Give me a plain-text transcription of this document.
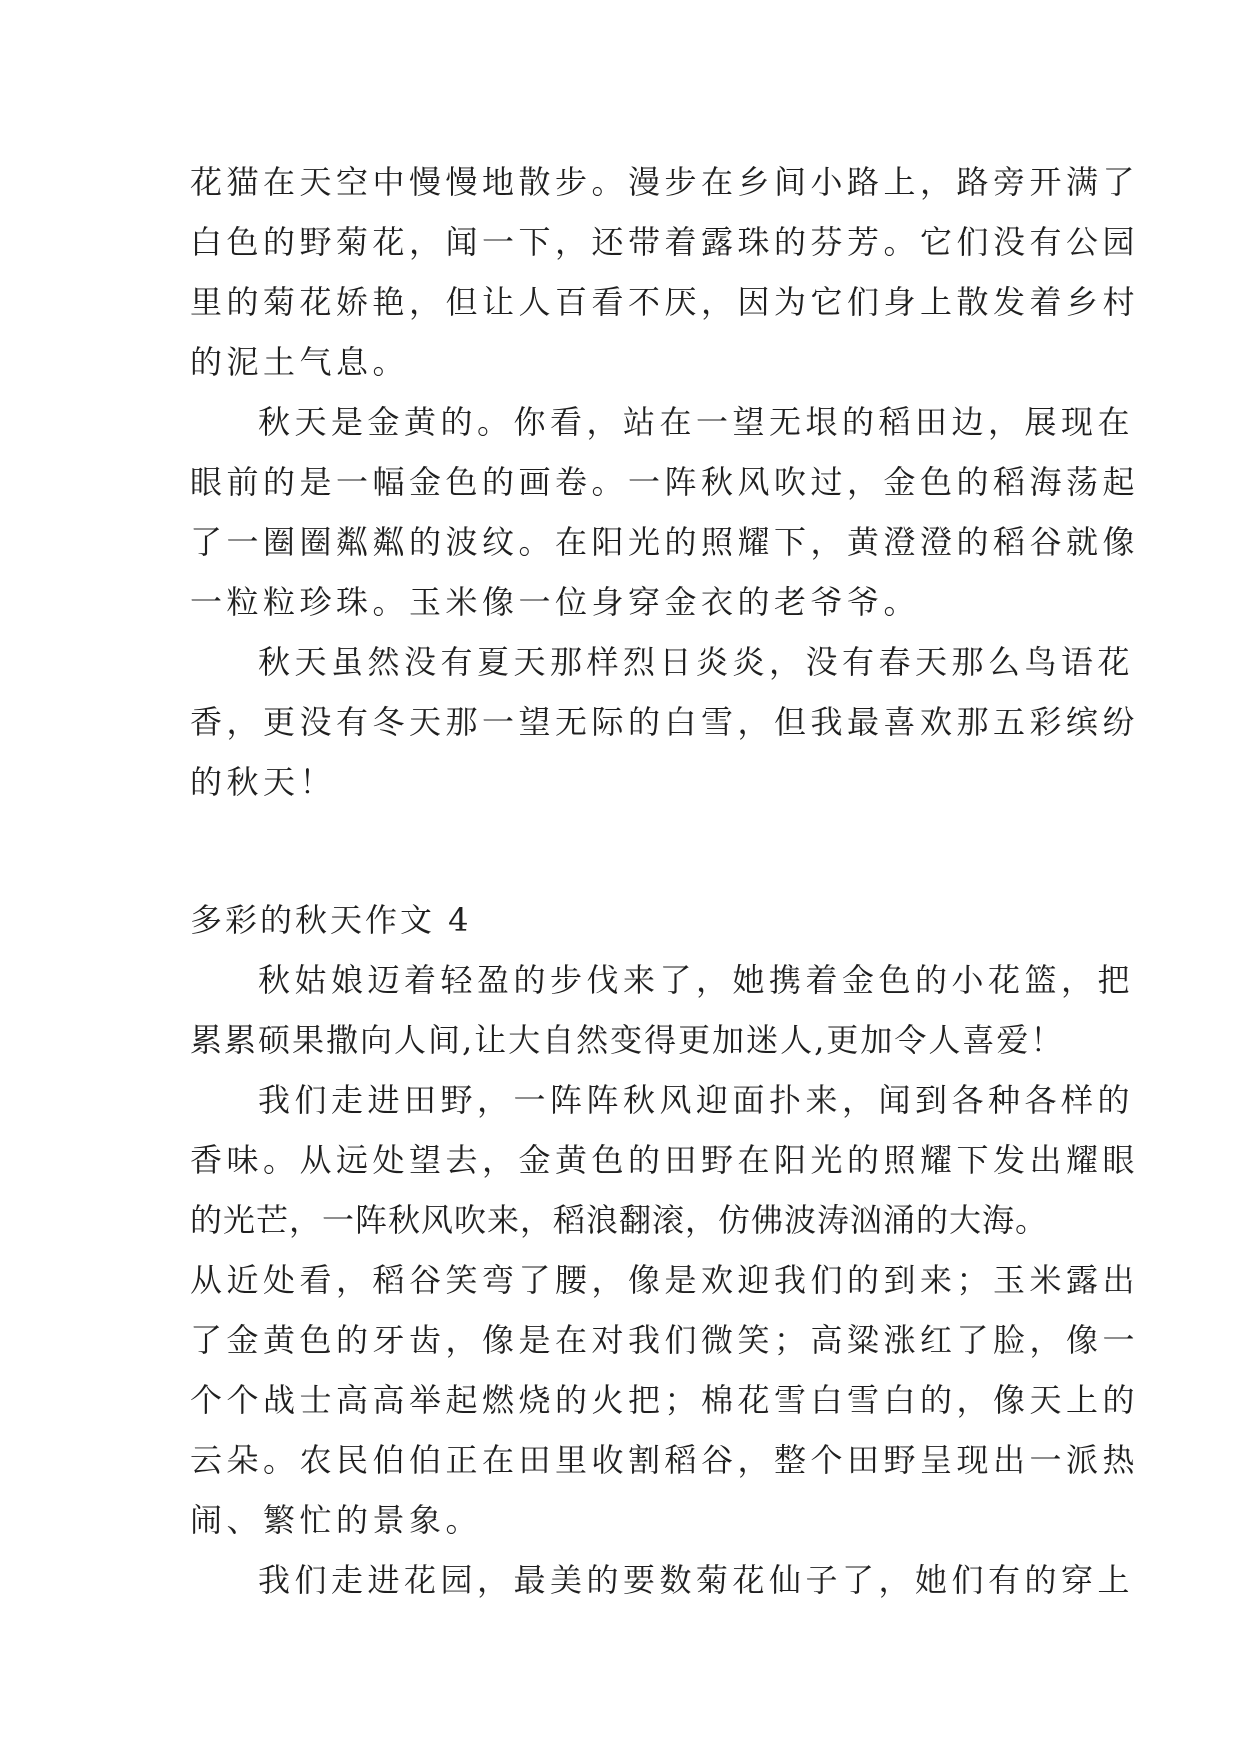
花猫在天空中慢慢地散步。漫步在乡间小路上，路旁开满了
白色的野菊花，闻一下，还带着露珠的芬芳。它们没有公园
里的菊花娇艳，但让人百看不厌，因为它们身上散发着乡村
的泥土气息。
秋天是金黄的。你看，站在一望无垠的稻田边，展现在
眼前的是一幅金色的画卷。一阵秋风吹过，金色的稻海荡起
了一圈圈粼粼的波纹。在阳光的照耀下，黄澄澄的稻谷就像
一粒粒珍珠。玉米像一位身穿金衣的老爷爷。
秋天虽然没有夏天那样烈日炎炎，没有春天那么鸟语花
香，更没有冬天那一望无际的白雪，但我最喜欢那五彩缤纷
的秋天！
多彩的秋天作文 4
秋姑娘迈着轻盈的步伐来了，她携着金色的小花篮，把
累累硕果撒向人间,让大自然变得更加迷人,更加令人喜爱！
我们走进田野，一阵阵秋风迎面扑来，闻到各种各样的
香味。从远处望去，金黄色的田野在阳光的照耀下发出耀眼
的光芒，一阵秋风吹来，稻浪翻滚，仿佛波涛汹涌的大海。
从近处看，稻谷笑弯了腰，像是欢迎我们的到来；玉米露出
了金黄色的牙齿，像是在对我们微笑；高粱涨红了脸，像一
个个战士高高举起燃烧的火把；棉花雪白雪白的，像天上的
云朵。农民伯伯正在田里收割稻谷，整个田野呈现出一派热
闹、繁忙的景象。
我们走进花园，最美的要数菊花仙子了，她们有的穿上
